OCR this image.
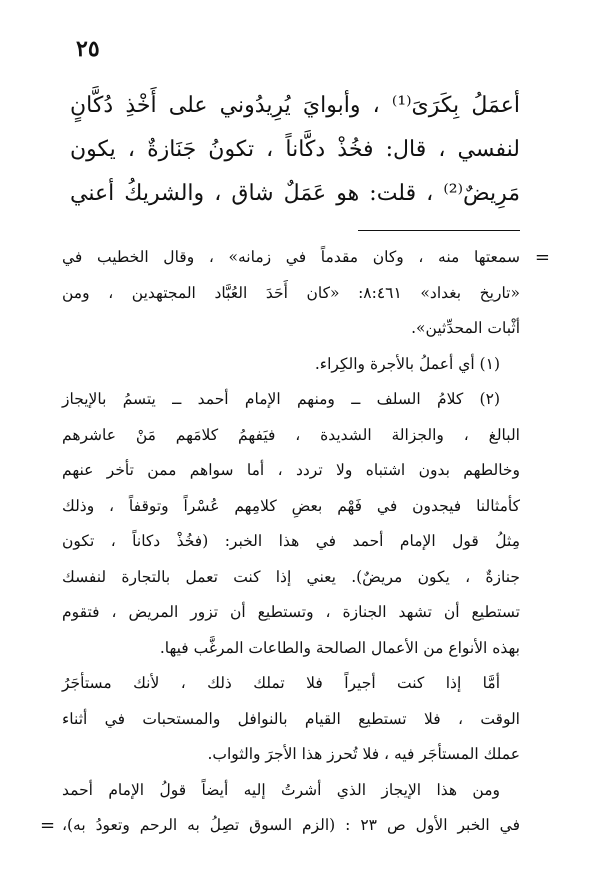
٢٥
أعمَلُ بِكَرَىَ⁽¹⁾ ، وأبوايَ يُرِيدُوني على أَخْذِ دُكَّانٍ
لنفسي ، قال: فخُذْ دكَّاناً ، تكونُ جَنَازةٌ ، يكون
مَرِيضٌ⁽²⁾ ، قلت: هو عَمَلٌ شاق ، والشريكُ أعني
=
سمعتها منه ، وكان مقدماً في زمانه» ، وقال الخطيب في
«تاريخ بغداد» ٨:٤٦١: «كان أَحَدَ العُبَّاد المجتهدين ، ومن
أثْبات المحدِّثين».
(١) أي أعملُ بالأجرة والكِراء.
(٢) كلامُ السلف ــ ومنهم الإمام أحمد ــ يتسمُ بالإيجاز
البالغ ، والجزالة الشديدة ، فيَفهمُ كلامَهم مَنْ عاشرهم
وخالطهم بدون اشتباه ولا تردد ، أما سواهم ممن تأخر عنهم
كأمثالنا فيجدون في فَهْم بعضِ كلامِهم عُسْراً وتوقفاً ، وذلك
مِثلُ قول الإمام أحمد في هذا الخبر: (فخُذْ دكاناً ، تكون
جنازةٌ ، يكون مريضٌ). يعني إذا كنت تعمل بالتجارة لنفسك
تستطيع أن تشهد الجنازة ، وتستطيع أن تزور المريض ، فتقوم
بهذه الأنواع من الأعمال الصالحة والطاعات المرغَّب فيها.
أمَّا إذا كنت أجيراً فلا تملك ذلك ، لأنك مستأجَرُ
الوقت ، فلا تستطيع القيام بالنوافل والمستحبات في أثناء
عملك المستأجَر فيه ، فلا تُحرز هذا الأجرَ والثواب.
ومن هذا الإيجاز الذي أشرتُ إليه أيضاً قولُ الإمام أحمد
في الخبر الأول ص ٢٣ : (الزم السوق تصِلُ به الرحم وتعودُ به)،
=
